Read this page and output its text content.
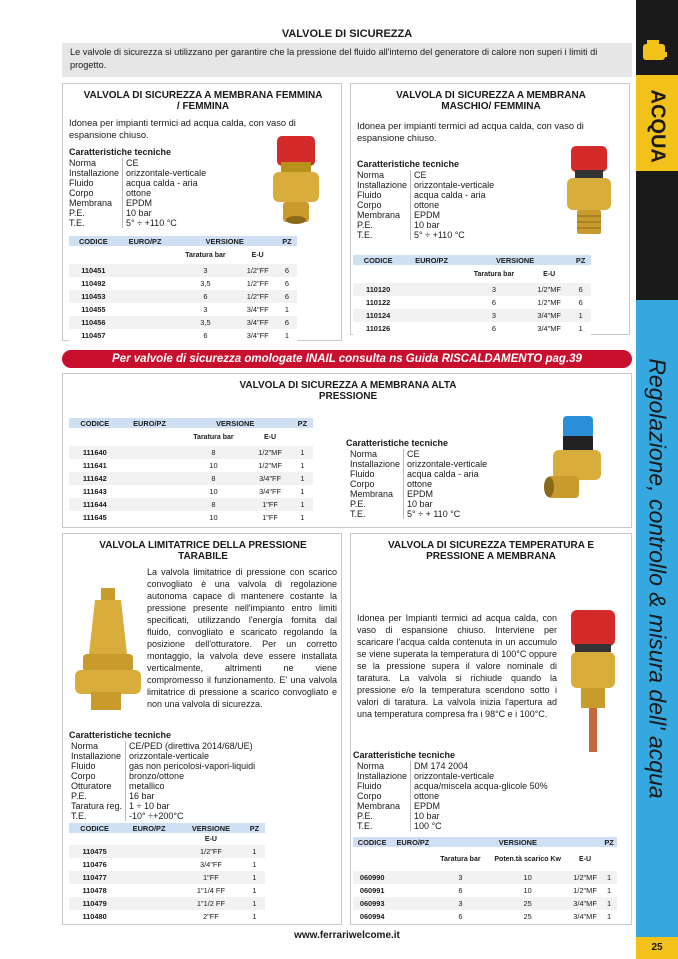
ACQUA
Regolazione, controllo & misura dell' acqua
25
VALVOLE DI SICUREZZA
Le valvole di sicurezza si utilizzano per garantire che la pressione del fluido all'interno del generatore di calore non superi i limiti di progetto.
VALVOLA DI SICUREZZA A MEMBRANA FEMMINA / FEMMINA
Idonea per impianti termici ad acqua calda, con vaso di espansione chiuso.
Caratteristiche tecniche
Norma	CE
Installazione	orizzontale-verticale
Fluido	acqua calda - aria
Corpo	ottone
Membrana	EPDM
P.E.	10 bar
T.E.	5° ÷ +110 °C
CODICE	EURO/PZ	VERSIONE		PZ
		Taratura bar	E-U	
110451		3	1/2"FF	6
110492		3,5	1/2"FF	6
110453		6	1/2"FF	6
110455		3	3/4"FF	1
110456		3,5	3/4"FF	6
110457		6	3/4"FF	1
VALVOLA DI SICUREZZA A MEMBRANA MASCHIO/ FEMMINA
Idonea per impianti termici ad acqua calda, con vaso di espansione chiuso.
Caratteristiche tecniche
Norma	CE
Installazione	orizzontale-verticale
Fluido	acqua calda - aria
Corpo	ottone
Membrana	EPDM
P.E.	10 bar
T.E.	5° ÷ +110 °C
CODICE	EURO/PZ	VERSIONE		PZ
		Taratura bar	E-U	
110120		3	1/2"MF	6
110122		6	1/2"MF	6
110124		3	3/4"MF	1
110126		6	3/4"MF	1
Per valvole di sicurezza omologate INAIL consulta ns Guida RISCALDAMENTO pag.39
VALVOLA DI SICUREZZA A MEMBRANA ALTA PRESSIONE
CODICE	EURO/PZ	VERSIONE		PZ
		Taratura bar	E-U	
111640		8	1/2"MF	1
111641		10	1/2"MF	1
111642		8	3/4"FF	1
111643		10	3/4"FF	1
111644		8	1"FF	1
111645		10	1"FF	1
Caratteristiche tecniche
Norma	CE
Installazione	orizzontale-verticale
Fluido	acqua calda - aria
Corpo	ottone
Membrana	EPDM
P.E.	10 bar
T.E.	5° ÷ + 110 °C
VALVOLA LIMITATRICE DELLA PRESSIONE TARABILE
La valvola limitatrice di pressione con scarico convogliato è una valvola di regolazione autonoma capace di mantenere costante la pressione presente nell'impianto entro limiti specificati, utilizzando l'energia fornita dal fluido, convogliato e scaricato regolando la posizione dell'otturatore. Per un corretto montaggio, la valvola deve essere installata verticalmente, altrimenti ne viene compromesso il funzionamento. E' una valvola limitatrice di pressione a scarico convogliato e non una valvola di sicurezza.
Caratteristiche tecniche
Norma	CE/PED (direttiva 2014/68/UE)
Installazione	orizzontale-verticale
Fluido	gas non pericolosi-vapori-liquidi
Corpo	bronzo/ottone
Otturatore	metallico
P.E.	16 bar
Taratura reg.	1 ÷ 10 bar
T.E.	-10° ÷+200°C
CODICE	EURO/PZ	VERSIONE	PZ
		E-U	
110475		1/2"FF	1
110476		3/4"FF	1
110477		1"FF	1
110478		1"1/4 FF	1
110479		1"1/2 FF	1
110480		2"FF	1
VALVOLA DI SICUREZZA TEMPERATURA E PRESSIONE A MEMBRANA
Idonea per Impianti termici ad acqua calda, con vaso di espansione chiuso. Interviene per scaricare l'acqua calda contenuta in un accumulo se viene superata la temperatura di 100°C oppure se la pressione supera il valore nominale di taratura. La valvola si richiude quando la pressione e/o la temperatura scendono sotto i valori di taratura. La valvola inizia l'apertura ad una temperatura compresa fra i 98°C e i 100°C.
Caratteristiche tecniche
Norma	DM 174 2004
Installazione	orizzontale-verticale
Fluido	acqua/miscela acqua-glicole 50%
Corpo	ottone
Membrana	EPDM
P.E.	10 bar
T.E.	100 °C
CODICE	EURO/PZ	VERSIONE			PZ
		Taratura bar	Poten.tà scarico Kw	E-U	
060990		3	10	1/2"MF	1
060991		6	10	1/2"MF	1
060993		3	25	3/4"MF	1
060994		6	25	3/4"MF	1
www.ferrariwelcome.it
